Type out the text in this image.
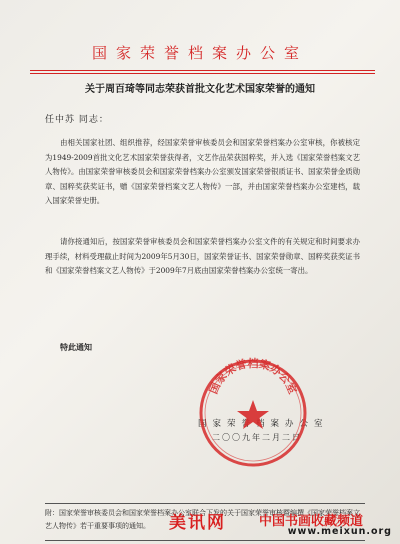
国家荣誉档案办公室
关于周百琦等同志荣获首批文化艺术国家荣誉的通知
任中苏 同志：

由相关国家社团、组织推荐，经国家荣誉审核委员会和国家荣誉档案办公室审核，你被核定为1949-2009首批文化艺术国家荣誉获得者，文艺作品荣获国粹奖，并入选《国家荣誉档案文艺人物传》。由国家荣誉审核委员会和国家荣誉档案办公室颁发国家荣誉银质证书、国家荣誉金质勋章、国粹奖获奖证书，赠《国家荣誉档案文艺人物传》一部，并由国家荣誉档案办公室建档，载入国家荣誉史册。

请你接通知后，按国家荣誉审核委员会和国家荣誉档案办公室文件的有关规定和时间要求办理手续，材料受理截止时间为2009年5月30日，国家荣誉证书、国家荣誉勋章、国粹奖获奖证书和《国家荣誉档案文艺人物传》于2009年7月底由国家荣誉档案办公室统一寄出。

特此通知
国家荣誉档案办公室
二〇〇九年二月二日
国家荣誉档案办公室
附：国家荣誉审核委员会和国家荣誉档案办公室联合下发的关于国家荣誉审核暨编撰《国家荣誉档案文艺人物传》若干重要事项的通知。	美讯网	中国书画收藏频道
www.meixun.org
